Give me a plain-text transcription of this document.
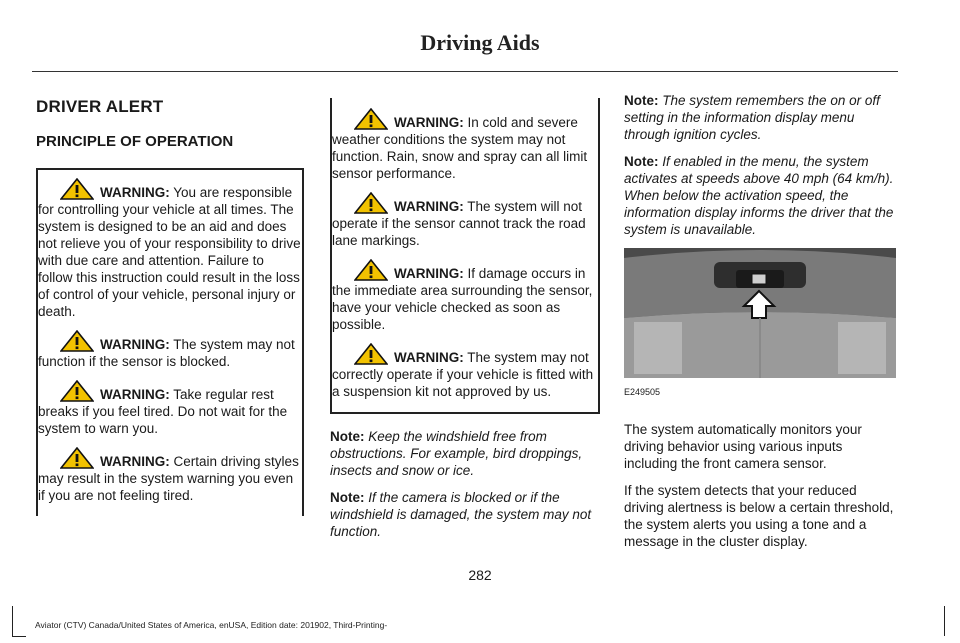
Driving Aids
DRIVER ALERT
PRINCIPLE OF OPERATION
WARNING: You are responsible for controlling your vehicle at all times. The system is designed to be an aid and does not relieve you of your responsibility to drive with due care and attention. Failure to follow this instruction could result in the loss of control of your vehicle, personal injury or death.
WARNING: The system may not function if the sensor is blocked.
WARNING: Take regular rest breaks if you feel tired. Do not wait for the system to warn you.
WARNING: Certain driving styles may result in the system warning you even if you are not feeling tired.
WARNING: In cold and severe weather conditions the system may not function. Rain, snow and spray can all limit sensor performance.
WARNING: The system will not operate if the sensor cannot track the road lane markings.
WARNING: If damage occurs in the immediate area surrounding the sensor, have your vehicle checked as soon as possible.
WARNING: The system may not correctly operate if your vehicle is fitted with a suspension kit not approved by us.

Note: Keep the windshield free from obstructions. For example, bird droppings, insects and snow or ice.

Note: If the camera is blocked or if the windshield is damaged, the system may not function.

Note: The system remembers the on or off setting in the information display menu through ignition cycles.

Note: If enabled in the menu, the system activates at speeds above 40 mph (64 km/h). When below the activation speed, the information display informs the driver that the system is unavailable.

E249505

The system automatically monitors your driving behavior using various inputs including the front camera sensor.

If the system detects that your reduced driving alertness is below a certain threshold, the system alerts you using a tone and a message in the cluster display.

282
Aviator (CTV) Canada/United States of America, enUSA, Edition date: 201902, Third-Printing-
